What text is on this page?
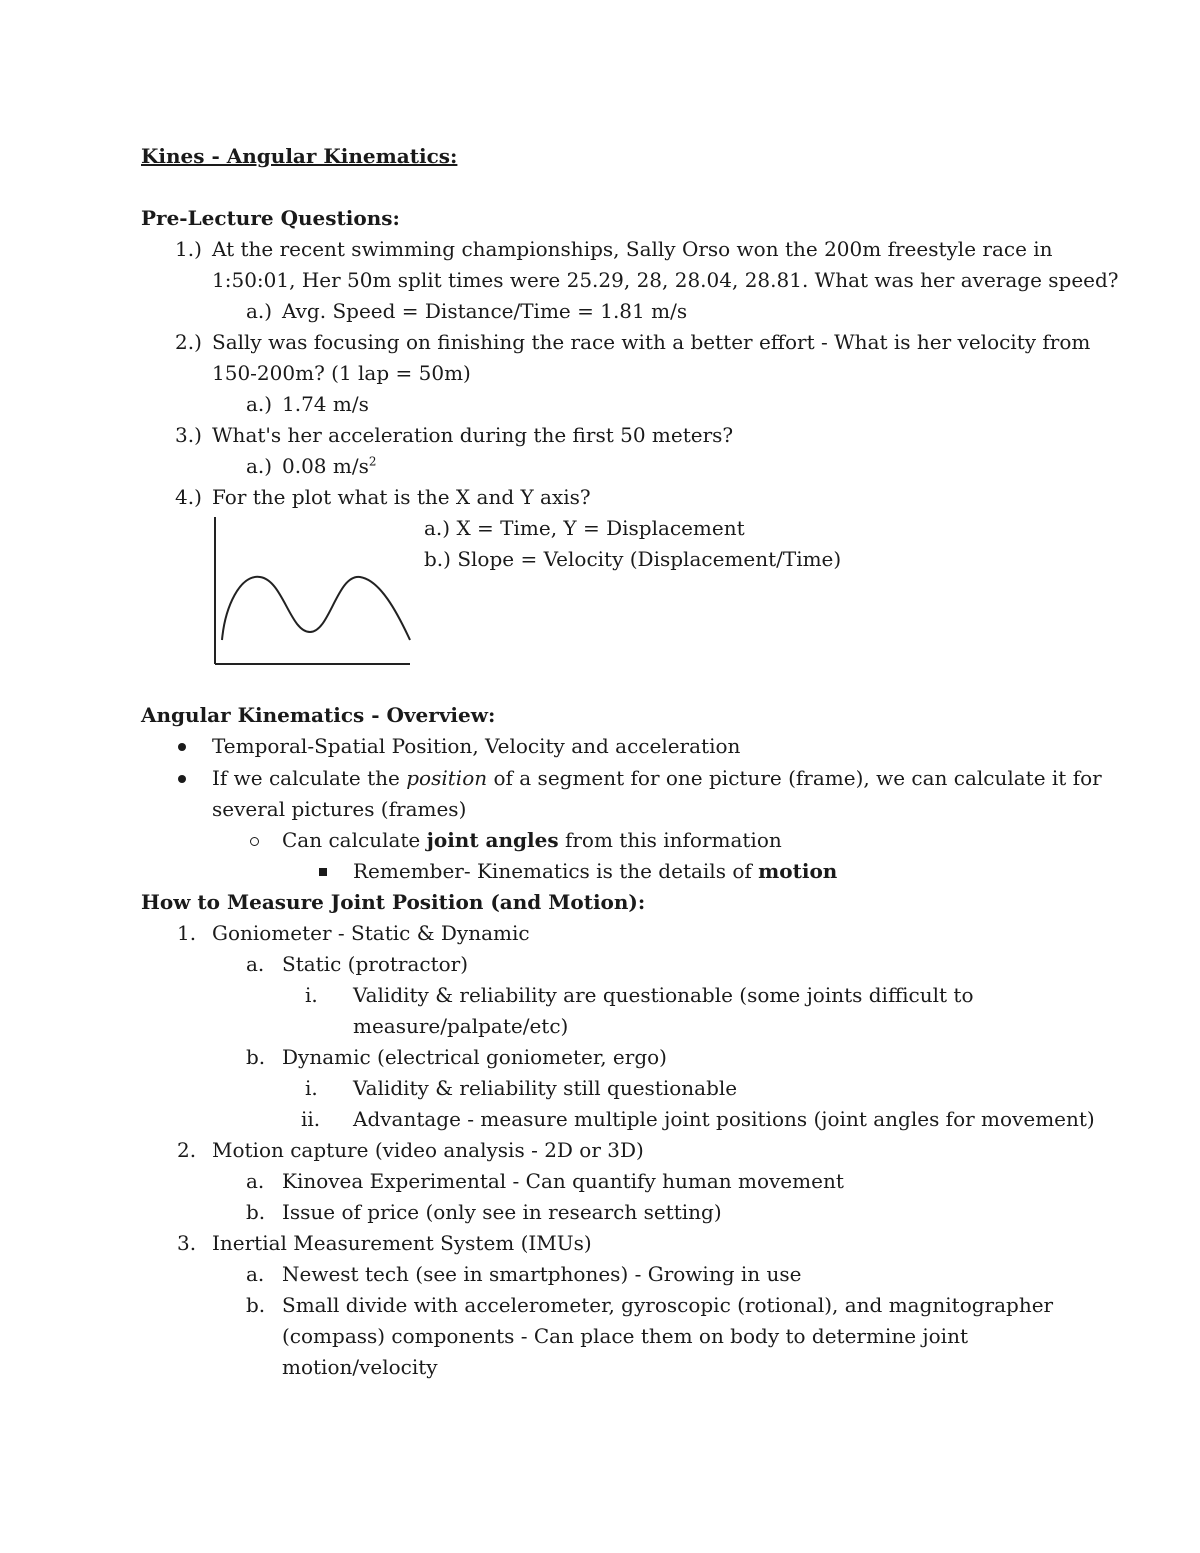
Kines - Angular Kinematics:
Pre-Lecture Questions:
1.) At the recent swimming championships, Sally Orso won the 200m freestyle race in
1:50:01, Her 50m split times were 25.29, 28, 28.04, 28.81. What was her average speed?
a.) Avg. Speed = Distance/Time = 1.81 m/s
2.) Sally was focusing on finishing the race with a better effort - What is her velocity from
150-200m? (1 lap = 50m)
a.) 1.74 m/s
3.) What's her acceleration during the first 50 meters?
a.) 0.08 $m/s^2$
4.) For the plot what is the X and Y axis?
a.) X = Time, Y = Displacement
b.) Slope = Velocity (Displacement/Time)
Angular Kinematics - Overview:
Temporal-Spatial Position, Velocity and acceleration
If we calculate the position of a segment for one picture (frame), we can calculate it for
several pictures (frames)
Can calculate joint angles from this information
Remember- Kinematics is the details of motion
How to Measure Joint Position (and Motion):
1. Goniometer - Static & Dynamic
a. Static (protractor)
i. Validity & reliability are questionable (some joints difficult to
measure/palpate/etc)
b. Dynamic (electrical goniometer, ergo)
i. Validity & reliability still questionable
ii. Advantage - measure multiple joint positions (joint angles for movement)
2. Motion capture (video analysis - 2D or 3D)
a. Kinovea Experimental - Can quantify human movement
b. Issue of price (only see in research setting)
3. Inertial Measurement System (IMUs)
a. Newest tech (see in smartphones) - Growing in use
b. Small divide with accelerometer, gyroscopic (rotional), and magnitographer
(compass) components - Can place them on body to determine joint
motion/velocity
